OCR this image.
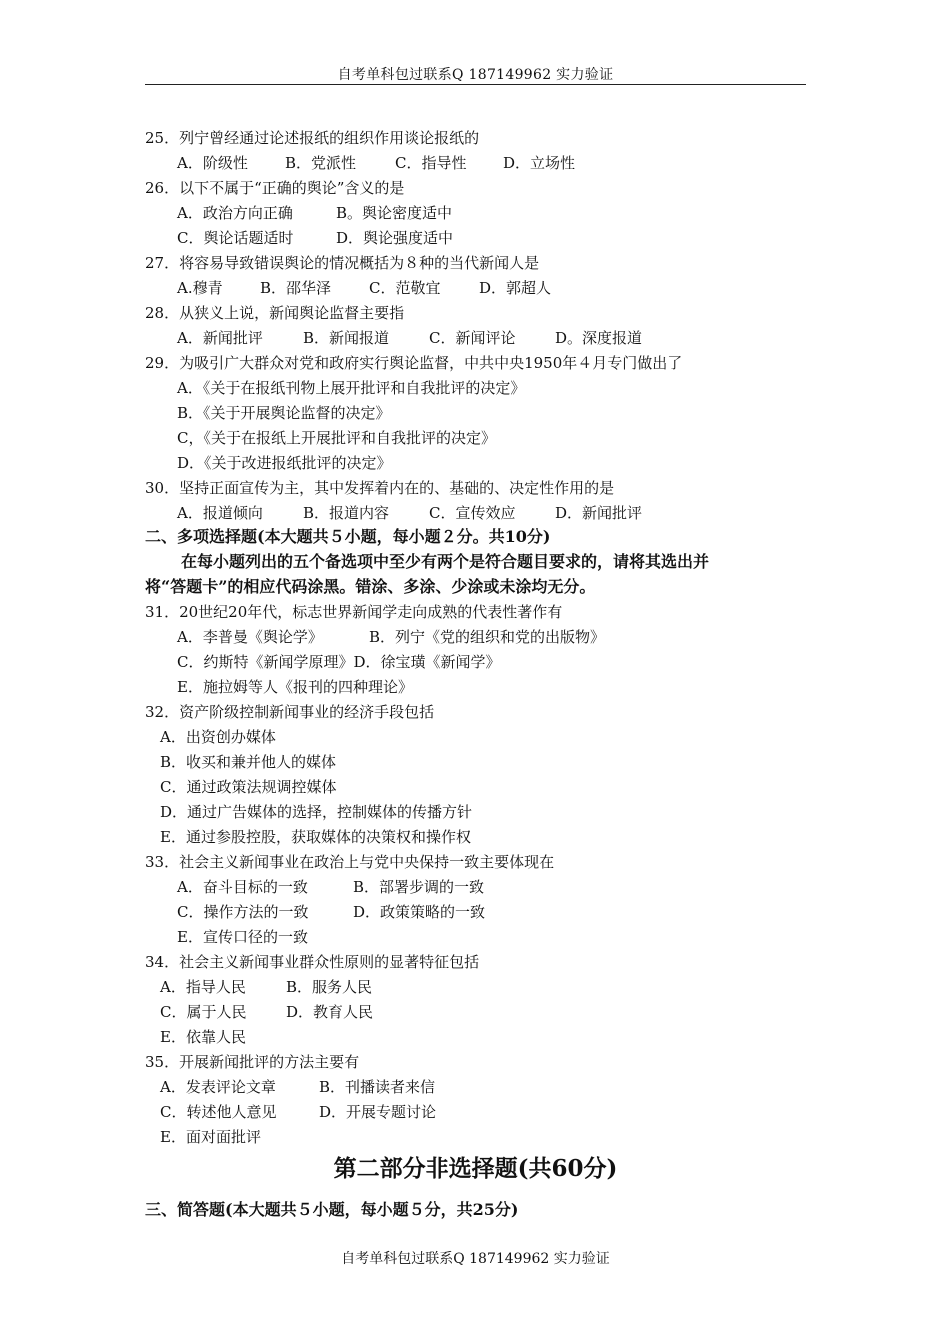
自考单科包过联系Q 187149962 实力验证
25．列宁曾经通过论述报纸的组织作用谈论报纸的
A．阶级性 B．党派性	C．指导性 D．立场性
26．以下不属于“正确的舆论”含义的是
A．政治方向正确	B。舆论密度适中
C．舆论话题适时	D．舆论强度适中
27．将容易导致错误舆论的情况概括为８种的当代新闻人是
A.穆青 B．邵华泽	C．范敬宜	D．郭超人
28．从狭义上说，新闻舆论监督主要指
A．新闻批评	B．新闻报道	C．新闻评论	D。深度报道
29．为吸引广大群众对党和政府实行舆论监督，中共中央1950年４月专门做出了
A．《关于在报纸刊物上展开批评和自我批评的决定》
B．《关于开展舆论监督的决定》
C，《关于在报纸上开展批评和自我批评的决定》
D．《关于改进报纸批评的决定》
30．坚持正面宣传为主，其中发挥着内在的、基础的、决定性作用的是
A．报道倾向	B．报道内容	C．宣传效应	D．新闻批评
二、多项选择题(本大题共５小题，每小题２分。共10分)
在每小题列出的五个备选项中至少有两个是符合题目要求的，请将其选出并
将“答题卡”的相应代码涂黑。错涂、多涂、少涂或未涂均无分。
31．20世纪20年代，标志世界新闻学走向成熟的代表性著作有
A．李普曼《舆论学》	B．列宁《党的组织和党的出版物》
C．约斯特《新闻学原理》D．徐宝璜《新闻学》
E．施拉姆等人《报刊的四种理论》
32．资产阶级控制新闻事业的经济手段包括
A．出资创办媒体
B．收买和兼并他人的媒体
C．通过政策法规调控媒体
D．通过广告媒体的选择，控制媒体的传播方针
E．通过参股控股，获取媒体的决策权和操作权
33．社会主义新闻事业在政治上与党中央保持一致主要体现在
A．奋斗目标的一致	B．部署步调的一致
C．操作方法的一致	D．政策策略的一致
E．宣传口径的一致
34．社会主义新闻事业群众性原则的显著特征包括
A．指导人民	B．服务人民
C．属于人民	D．教育人民
E．依靠人民
35．开展新闻批评的方法主要有
A．发表评论文章	B．刊播读者来信
C．转述他人意见	D．开展专题讨论
E．面对面批评
三、简答题(本大题共５小题，每小题５分，共25分)
第二部分非选择题(共60分)
自考单科包过联系Q 187149962 实力验证
